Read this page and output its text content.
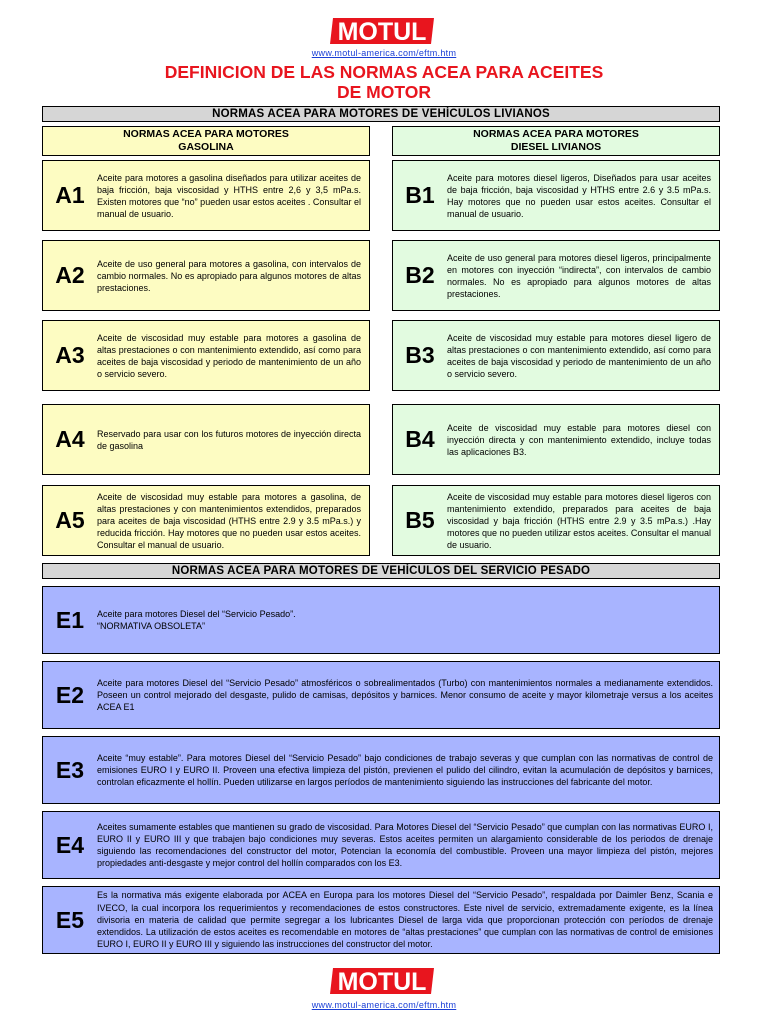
MOTUL
www.motul-america.com/eftm.htm
DEFINICION DE LAS NORMAS ACEA PARA ACEITES
DE MOTOR
NORMAS ACEA PARA MOTORES DE VEHÍCULOS LIVIANOS
NORMAS ACEA PARA MOTORES
GASOLINA
NORMAS ACEA PARA MOTORES
DIESEL LIVIANOS
A1
Aceite para motores a gasolina diseñados para utilizar aceites de baja fricción, baja viscosidad y HTHS entre 2,6 y 3,5 mPa.s. Existen motores que “no” pueden usar estos aceites . Consultar el manual de usuario.
A2	Aceite de uso general para motores a gasolina, con intervalos de cambio normales. No es apropiado para algunos motores de altas prestaciones.
A3
Aceite de viscosidad muy estable para motores a gasolina de altas prestaciones o con mantenimiento extendido, así como para aceites de baja viscosidad y periodo de mantenimiento de un año o servicio severo.
A4	Reservado para usar con los futuros motores de inyección directa de gasolina
A5
Aceite de viscosidad muy estable para motores a gasolina, de altas prestaciones y con mantenimientos extendidos, preparados para aceites de baja viscosidad (HTHS entre 2.9 y 3.5 mPa.s.) y reducida fricción. Hay motores que no pueden usar estos aceites. Consultar el manual de usuario.
B1
Aceite para motores diesel ligeros, Diseñados para usar aceites de baja fricción, baja viscosidad y HTHS entre 2.6 y 3.5 mPa.s. Hay motores que no pueden usar estos aceites. Consultar el manual de usuario.
B2
Aceite de uso general para motores diesel ligeros, principalmente en motores con inyección “indirecta”, con intervalos de cambio normales. No es apropiado para algunos motores de altas prestaciones.
B3
Aceite de viscosidad muy estable para motores diesel ligero de altas prestaciones o con mantenimiento extendido, así como para aceites de baja viscosidad y periodo de mantenimiento de un año o servicio severo.
B4	Aceite de viscosidad muy estable para motores diesel con inyección directa y con mantenimiento extendido, incluye todas las aplicaciones B3.
B5
Aceite de viscosidad muy estable para motores diesel ligeros con mantenimiento extendido, preparados para aceites de baja viscosidad y baja fricción (HTHS entre 2.9 y 3.5 mPa.s.) .Hay motores que no pueden utilizar estos aceites. Consultar el manual de usuario.
NORMAS ACEA PARA MOTORES DE VEHÍCULOS DEL SERVICIO PESADO
E1	Aceite para motores Diesel del “Servicio Pesado”.
“NORMATIVA OBSOLETA”
E2	Aceite para motores Diesel del “Servicio Pesado” atmosféricos o sobrealimentados (Turbo) con mantenimientos normales a medianamente extendidos. Poseen un control mejorado del desgaste, pulido de camisas, depósitos y barnices. Menor consumo de aceite y mayor kilometraje versus a los aceites ACEA E1
E3	Aceite “muy estable”. Para motores Diesel del “Servicio Pesado” bajo condiciones de trabajo severas y que cumplan con las normativas de control de emisiones EURO I y EURO II. Proveen una efectiva limpieza del pistón, previenen el pulido del cilindro, evitan la acumulación de depósitos y barnices, controlan eficazmente el hollín. Pueden utilizarse en largos períodos de mantenimiento siguiendo las instrucciones del fabricante del motor.
E4
Aceites sumamente estables que mantienen su grado de viscosidad. Para Motores Diesel del “Servicio Pesado” que cumplan con las normativas EURO I, EURO II y EURO III y que trabajen bajo condiciones muy severas. Estos aceites permiten un alargamiento considerable de los periodos de drenaje siguiendo las recomendaciones del constructor del motor, Potencian la economía del combustible. Proveen una mayor limpieza del pistón, mejores propiedades anti-desgaste y mejor control del hollín comparados con los E3.
E5
Es la normativa más exigente elaborada por ACEA en Europa para los motores Diesel del “Servicio Pesado”, respaldada por Daimler Benz, Scania e IVECO, la cual incorpora los requerimientos y recomendaciones de estos constructores. Este nivel de servicio, extremadamente exigente, es la línea divisoria en materia de calidad que permite segregar a los lubricantes Diesel de larga vida que proporcionan protección con períodos de drenaje extendidos. La utilización de estos aceites es recomendable en motores de “altas prestaciones” que cumplan con las normativas de control de emisiones EURO I, EURO II y EURO III y siguiendo las instrucciones del constructor del motor.
MOTUL
www.motul-america.com/eftm.htm
